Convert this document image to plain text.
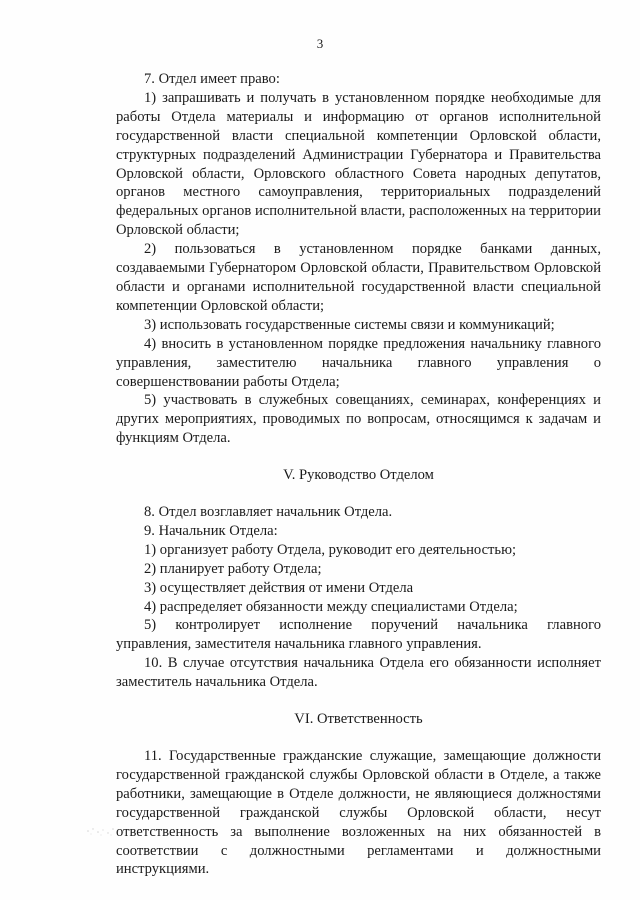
3

7. Отдел имеет право:

1) запрашивать и получать в установленном порядке необходимые для работы Отдела материалы и информацию от органов исполнительной государственной власти специальной компетенции Орловской области, структурных подразделений Администрации Губернатора и Правительства Орловской области, Орловского областного Совета народных депутатов, органов местного самоуправления, территориальных подразделений федеральных органов исполнительной власти, расположенных на территории Орловской области;

2) пользоваться в установленном порядке банками данных, создаваемыми Губернатором Орловской области, Правительством Орловской области и органами исполнительной государственной власти специальной компетенции Орловской области;

3) использовать государственные системы связи и коммуникаций;

4) вносить в установленном порядке предложения начальнику главного управления, заместителю начальника главного управления о совершенствовании работы Отдела;

5) участвовать в служебных совещаниях, семинарах, конференциях и других мероприятиях, проводимых по вопросам, относящимся к задачам и функциям Отдела.

V. Руководство Отделом

8. Отдел возглавляет начальник Отдела.

9. Начальник Отдела:

1) организует работу Отдела, руководит его деятельностью;

2) планирует работу Отдела;

3) осуществляет действия от имени Отдела

4) распределяет обязанности между специалистами Отдела;

5) контролирует исполнение поручений начальника главного управления, заместителя начальника главного управления.

10. В случае отсутствия начальника Отдела его обязанности исполняет заместитель начальника Отдела.

VI. Ответственность

11. Государственные гражданские служащие, замещающие должности государственной гражданской службы Орловской области в Отделе, а также работники, замещающие в Отделе должности, не являющиеся должностями государственной гражданской службы Орловской области, несут ответственность за выполнение возложенных на них обязанностей в соответствии с должностными регламентами и должностными инструкциями.
